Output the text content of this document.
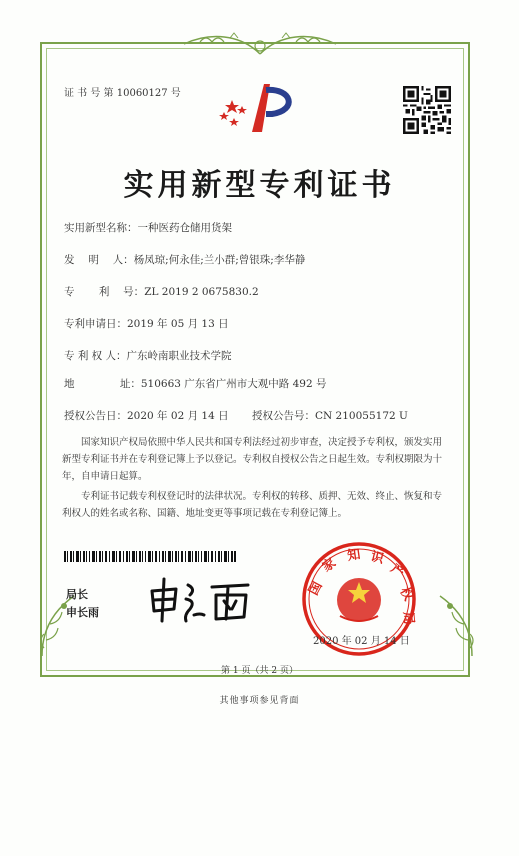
证 书 号 第 10060127 号
实用新型专利证书
实用新型名称：一种医药仓储用货架
发　 明　 人：杨凤琼;何永佳;兰小群;曾银珠;李华静
专　　 利　 号：ZL 2019 2 0675830.2
专利申请日：2019 年 05 月 13 日
专 利 权 人：广东岭南职业技术学院
地　　　　 址：510663 广东省广州市大观中路 492 号
授权公告日：2020 年 02 月 14 日 授权公告号：CN 210055172 U
国家知识产权局依照中华人民共和国专利法经过初步审查，决定授予专利权，颁发实用新型专利证书并在专利登记簿上予以登记。专利权自授权公告之日起生效。专利权期限为十年，自申请日起算。
专利证书记载专利权登记时的法律状况。专利权的转移、质押、无效、终止、恢复和专利权人的姓名或名称、国籍、地址变更等事项记载在专利登记簿上。
局长
申长雨
国
家 知 识
产
权
局
2020 年 02 月 14 日
第 1 页（共 2 页）
其他事项参见背面
